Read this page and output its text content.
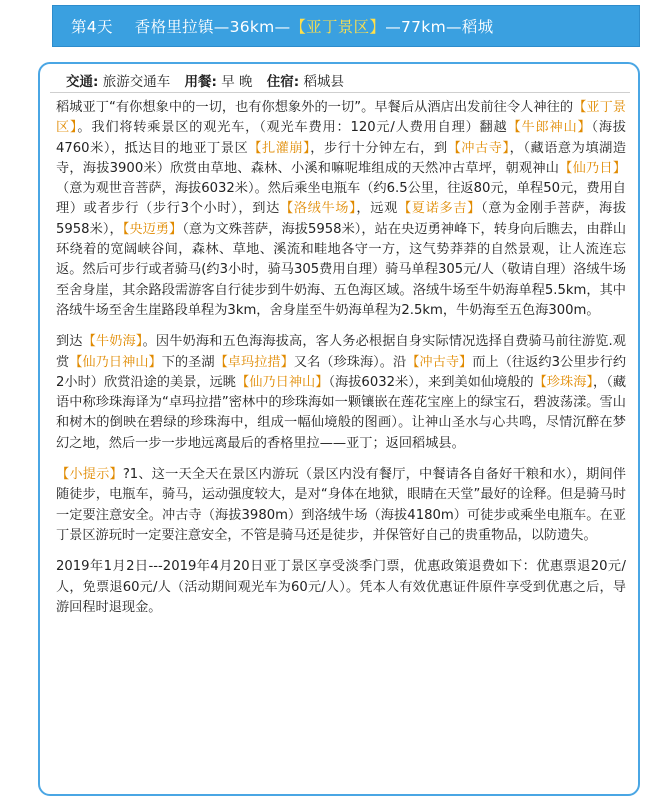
第4天 香格里拉镇—36km—【亚丁景区】—77km—稻城
交通: 旅游交通车 用餐: 早 晚 住宿: 稻城县

稻城亚丁“有你想象中的一切，也有你想象外的一切”。早餐后从酒店出发前往令人神往的【亚丁景区】。我们将转乘景区的观光车，（观光车费用：120元/人费用自理）翻越【牛郎神山】（海拔4760米），抵达目的地亚丁景区【扎灌崩】，步行十分钟左右，到【冲古寺】，（藏语意为填湖造寺，海拔3900米）欣赏由草地、森林、小溪和嘛呢堆组成的天然冲古草坪，朝观神山【仙乃日】（意为观世音菩萨，海拔6032米）。然后乘坐电瓶车（约6.5公里，往返80元，单程50元，费用自理）或者步行（步行3个小时），到达【洛绒牛场】，远观【夏诺多吉】（意为金刚手菩萨，海拔5958米），【央迈勇】（意为文殊菩萨，海拔5958米），站在央迈勇神峰下，转身向后瞧去，由群山环绕着的宽阔峡谷间，森林、草地、溪流和畦地各守一方，这气势莽莽的自然景观，让人流连忘返。然后可步行或者骑马(约3小时，骑马305费用自理）骑马单程305元/人（敬请自理）洛绒牛场至舍身崖，其余路段需游客自行徒步到牛奶海、五色海区域。洛绒牛场至牛奶海单程5.5km，其中洛绒牛场至舍生崖路段单程为3km，舍身崖至牛奶海单程为2.5km，牛奶海至五色海300m。

到达【牛奶海】。因牛奶海和五色海海拔高，客人务必根据自身实际情况选择自费骑马前往游览.观赏【仙乃日神山】下的圣湖【卓玛拉措】又名（珍珠海）。沿【冲古寺】而上（往返约3公里步行约2小时）欣赏沿途的美景，远眺【仙乃日神山】（海拔6032米），来到美如仙境般的【珍珠海】，（藏语中称珍珠海译为“卓玛拉措”密林中的珍珠海如一颗镶嵌在莲花宝座上的绿宝石，碧波荡漾。雪山和树木的倒映在碧绿的珍珠海中，组成一幅仙境般的图画）。让神山圣水与心共鸣，尽情沉醉在梦幻之地，然后一步一步地远离最后的香格里拉——亚丁；返回稻城县。

【小提示】?1、这一天全天在景区内游玩（景区内没有餐厅，中餐请各自备好干粮和水），期间伴随徒步，电瓶车，骑马，运动强度较大，是对“身体在地狱，眼睛在天堂”最好的诠释。但是骑马时一定要注意安全。冲古寺（海拔3980m）到洛绒牛场（海拔4180m）可徒步或乘坐电瓶车。在亚丁景区游玩时一定要注意安全，不管是骑马还是徒步，并保管好自己的贵重物品，以防遗失。

2019年1月2日---2019年4月20日亚丁景区享受淡季门票，优惠政策退费如下：优惠票退20元/人，免票退60元/人（活动期间观光车为60元/人）。凭本人有效优惠证件原件享受到优惠之后，导游回程时退现金。
